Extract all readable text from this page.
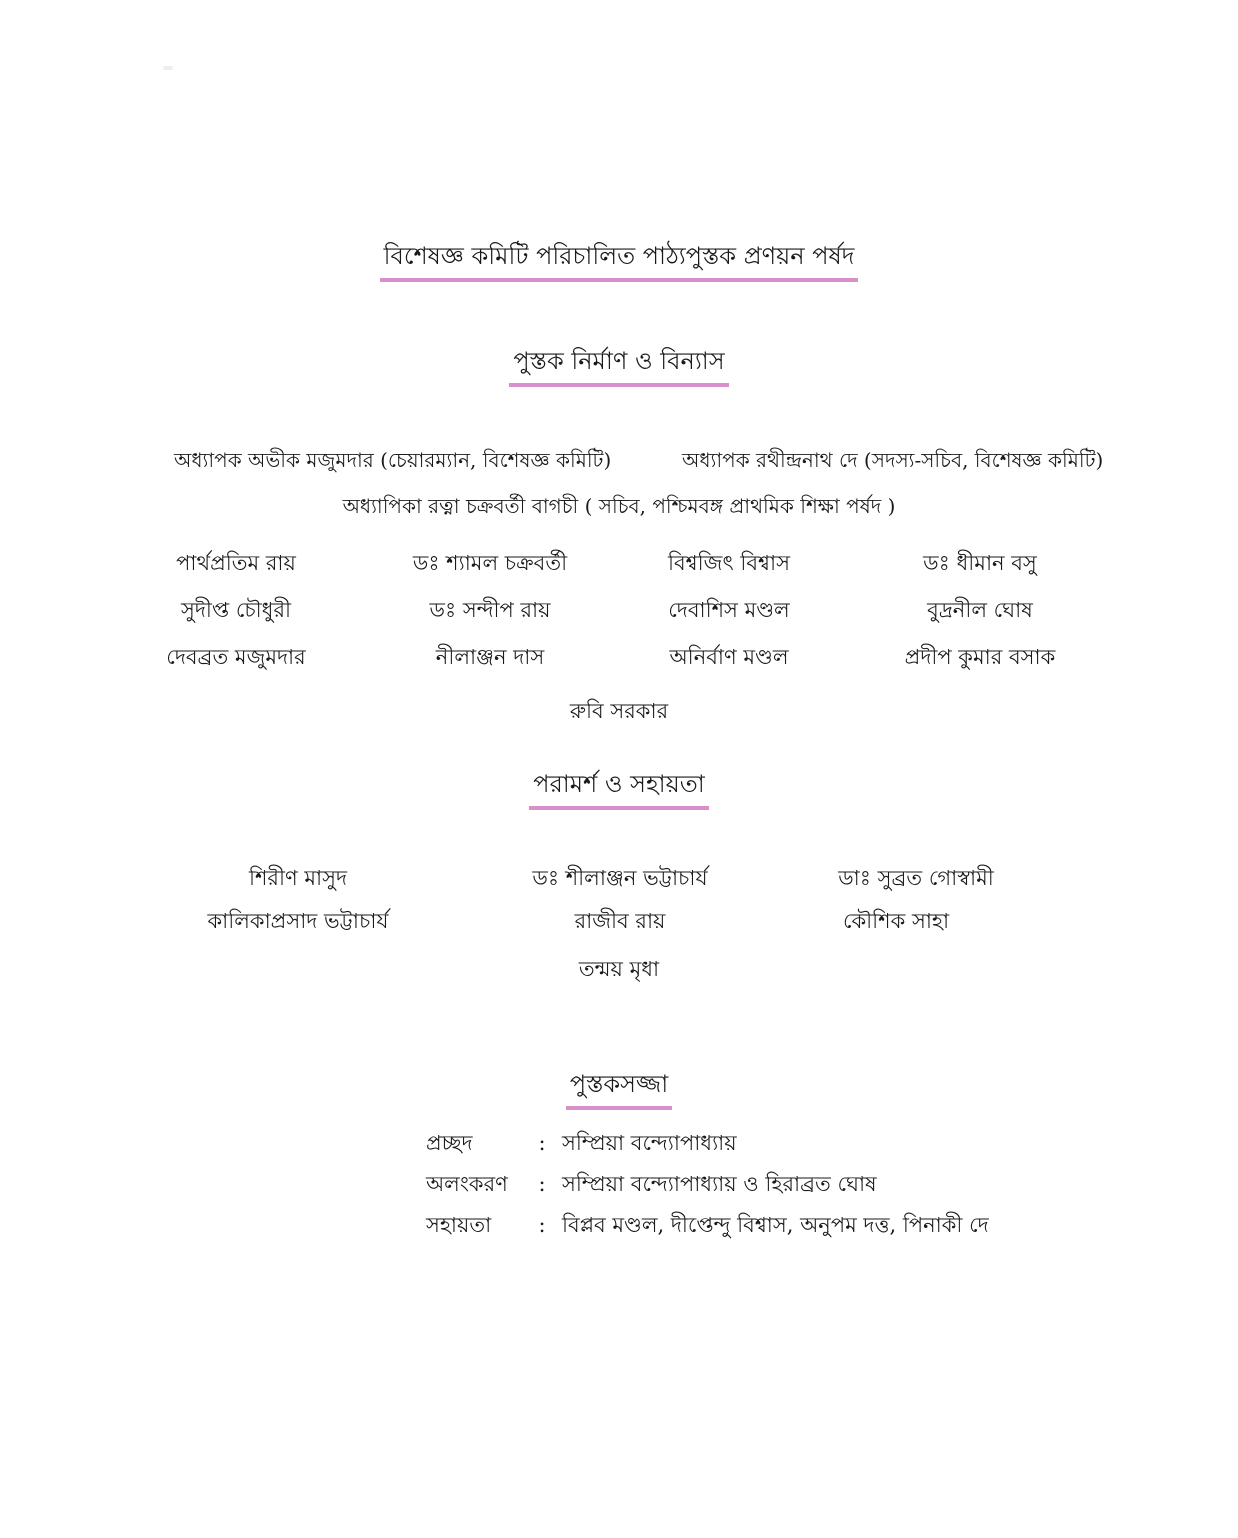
বিশেষজ্ঞ কমিটি পরিচালিত পাঠ্যপুস্তক প্রণয়ন পর্ষদ
পুস্তক নির্মাণ ও বিন্যাস
অধ্যাপক অভীক মজুমদার (চেয়ারম্যান, বিশেষজ্ঞ কমিটি)	অধ্যাপক রথীন্দ্রনাথ দে (সদস্য-সচিব, বিশেষজ্ঞ কমিটি)
অধ্যাপিকা রত্না চক্রবর্তী বাগচী ( সচিব, পশ্চিমবঙ্গ প্রাথমিক শিক্ষা পর্ষদ )
পার্থপ্রতিম রায়	ডঃ শ্যামল চক্রবর্তী	বিশ্বজিৎ বিশ্বাস	ডঃ ধীমান বসু
সুদীপ্ত চৌধুরী	ডঃ সন্দীপ রায়	দেবাশিস মণ্ডল	বুদ্রনীল ঘোষ
দেবব্রত মজুমদার	নীলাঞ্জন দাস	অনির্বাণ মণ্ডল	প্রদীপ কুমার বসাক
রুবি সরকার
পরামর্শ ও সহায়তা
শিরীণ মাসুদ	ডঃ শীলাঞ্জন ভট্টাচার্য	ডাঃ সুব্রত গোস্বামী
কালিকাপ্রসাদ ভট্টাচার্য	রাজীব রায়	কৌশিক সাহা
তন্ময় মৃধা
পুস্তকসজ্জা
প্রচ্ছদ	: সম্প্রিয়া বন্দ্যোপাধ্যায়
অলংকরণ : সম্প্রিয়া বন্দ্যোপাধ্যায় ও হিরাব্রত ঘোষ
সহায়তা : বিপ্লব মণ্ডল, দীপ্তেন্দু বিশ্বাস, অনুপম দত্ত, পিনাকী দে
